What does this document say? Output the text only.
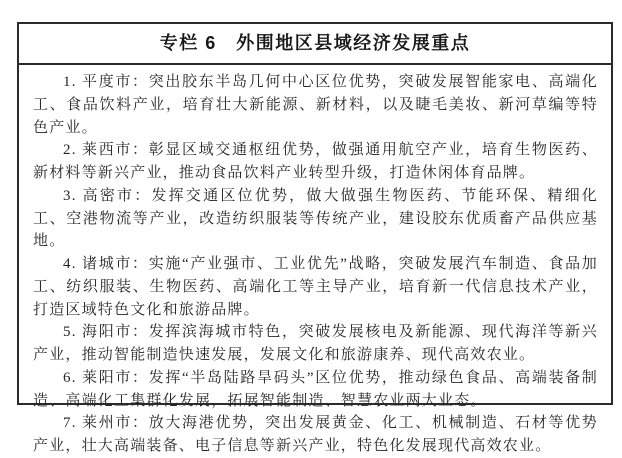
专栏 6　外围地区县域经济发展重点

1. 平度市：突出胶东半岛几何中心区位优势，突破发展智能家电、高端化工、食品饮料产业，培育壮大新能源、新材料，以及睫毛美妆、新河草编等特色产业。

2. 莱西市：彰显区域交通枢纽优势，做强通用航空产业，培育生物医药、新材料等新兴产业，推动食品饮料产业转型升级，打造休闲体育品牌。

3. 高密市：发挥交通区位优势，做大做强生物医药、节能环保、精细化工、空港物流等产业，改造纺织服装等传统产业，建设胶东优质畜产品供应基地。

4. 诸城市：实施“产业强市、工业优先”战略，突破发展汽车制造、食品加工、纺织服装、生物医药、高端化工等主导产业，培育新一代信息技术产业，打造区域特色文化和旅游品牌。

5. 海阳市：发挥滨海城市特色，突破发展核电及新能源、现代海洋等新兴产业，推动智能制造快速发展，发展文化和旅游康养、现代高效农业。

6. 莱阳市：发挥“半岛陆路旱码头”区位优势，推动绿色食品、高端装备制造、高端化工集群化发展，拓展智能制造、智慧农业两大业态。

7. 莱州市：放大海港优势，突出发展黄金、化工、机械制造、石材等优势产业，壮大高端装备、电子信息等新兴产业，特色化发展现代高效农业。
